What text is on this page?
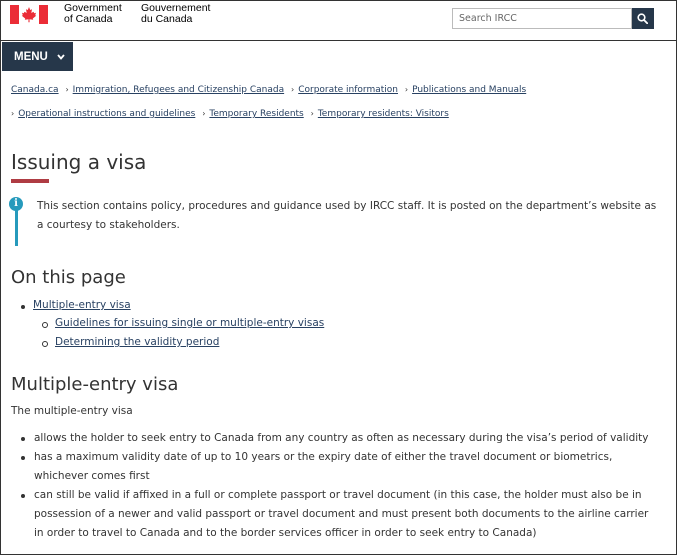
Government
of Canada
Gouvernement
du Canada
Search IRCC
MENU
Canada.ca › Immigration, Refugees and Citizenship Canada › Corporate information › Publications and Manuals
› Operational instructions and guidelines › Temporary Residents › Temporary residents: Visitors
Issuing a visa
i	This section contains policy, procedures and guidance used by IRCC staff. It is posted on the department’s website as a courtesy to stakeholders.

On this page
Multiple-entry visa
Guidelines for issuing single or multiple-entry visas
Determining the validity period
Multiple-entry visa

The multiple-entry visa

allows the holder to seek entry to Canada from any country as often as necessary during the visa’s period of validity

has a maximum validity date of up to 10 years or the expiry date of either the travel document or biometrics, whichever comes first

can still be valid if affixed in a full or complete passport or travel document (in this case, the holder must also be in possession of a newer and valid passport or travel document and must present both documents to the airline carrier in order to travel to Canada and to the border services officer in order to seek entry to Canada)
